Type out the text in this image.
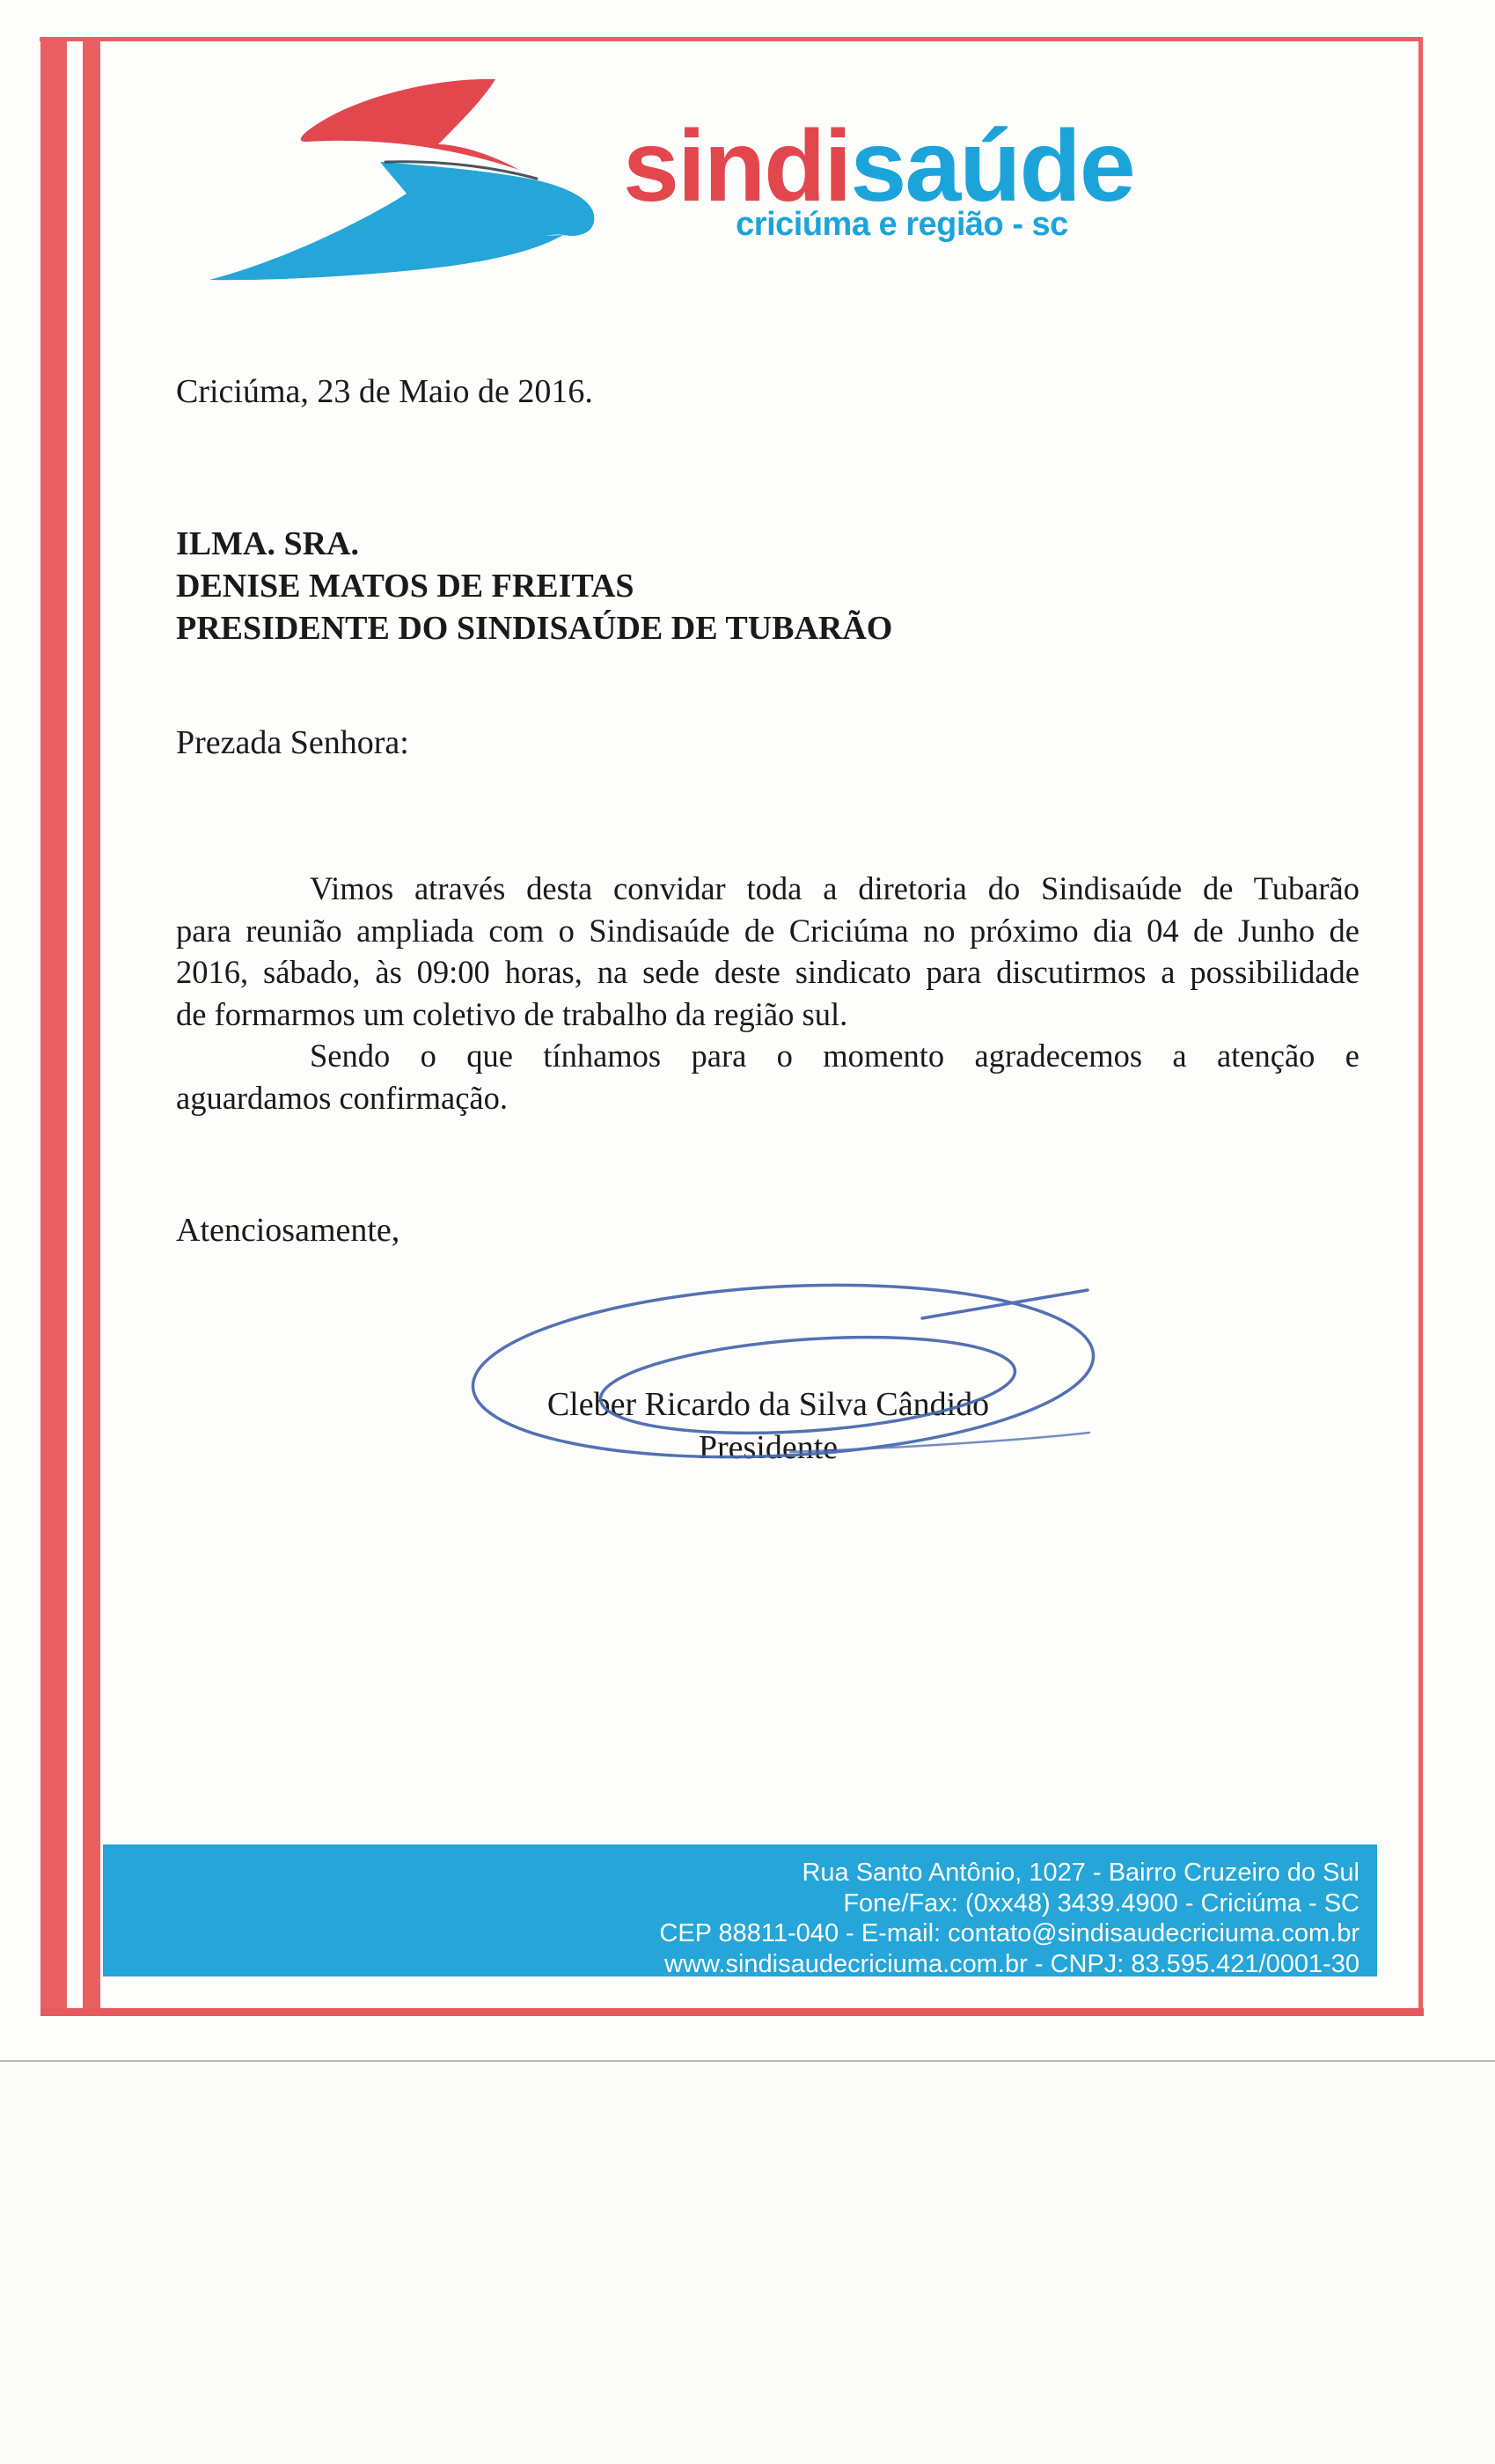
sindisaúde
criciúma e região - sc
Criciúma, 23 de Maio de 2016.
ILMA. SRA.
DENISE MATOS DE FREITAS
PRESIDENTE DO SINDISAÚDE DE TUBARÃO
Prezada Senhora:
Vimos através desta convidar toda a diretoria do Sindisaúde de Tubarão
para reunião ampliada com o Sindisaúde de Criciúma no próximo dia 04 de Junho de
2016, sábado, às 09:00 horas, na sede deste sindicato para discutirmos a possibilidade
de formarmos um coletivo de trabalho da região sul.
Sendo o que tínhamos para o momento agradecemos a atenção e
aguardamos confirmação.
Atenciosamente,
Cleber Ricardo da Silva Cândido
Presidente
Rua Santo Antônio, 1027 - Bairro Cruzeiro do Sul
Fone/Fax: (0xx48) 3439.4900 - Criciúma - SC
CEP 88811-040 - E-mail: contato@sindisaudecriciuma.com.br
www.sindisaudecriciuma.com.br - CNPJ: 83.595.421/0001-30
